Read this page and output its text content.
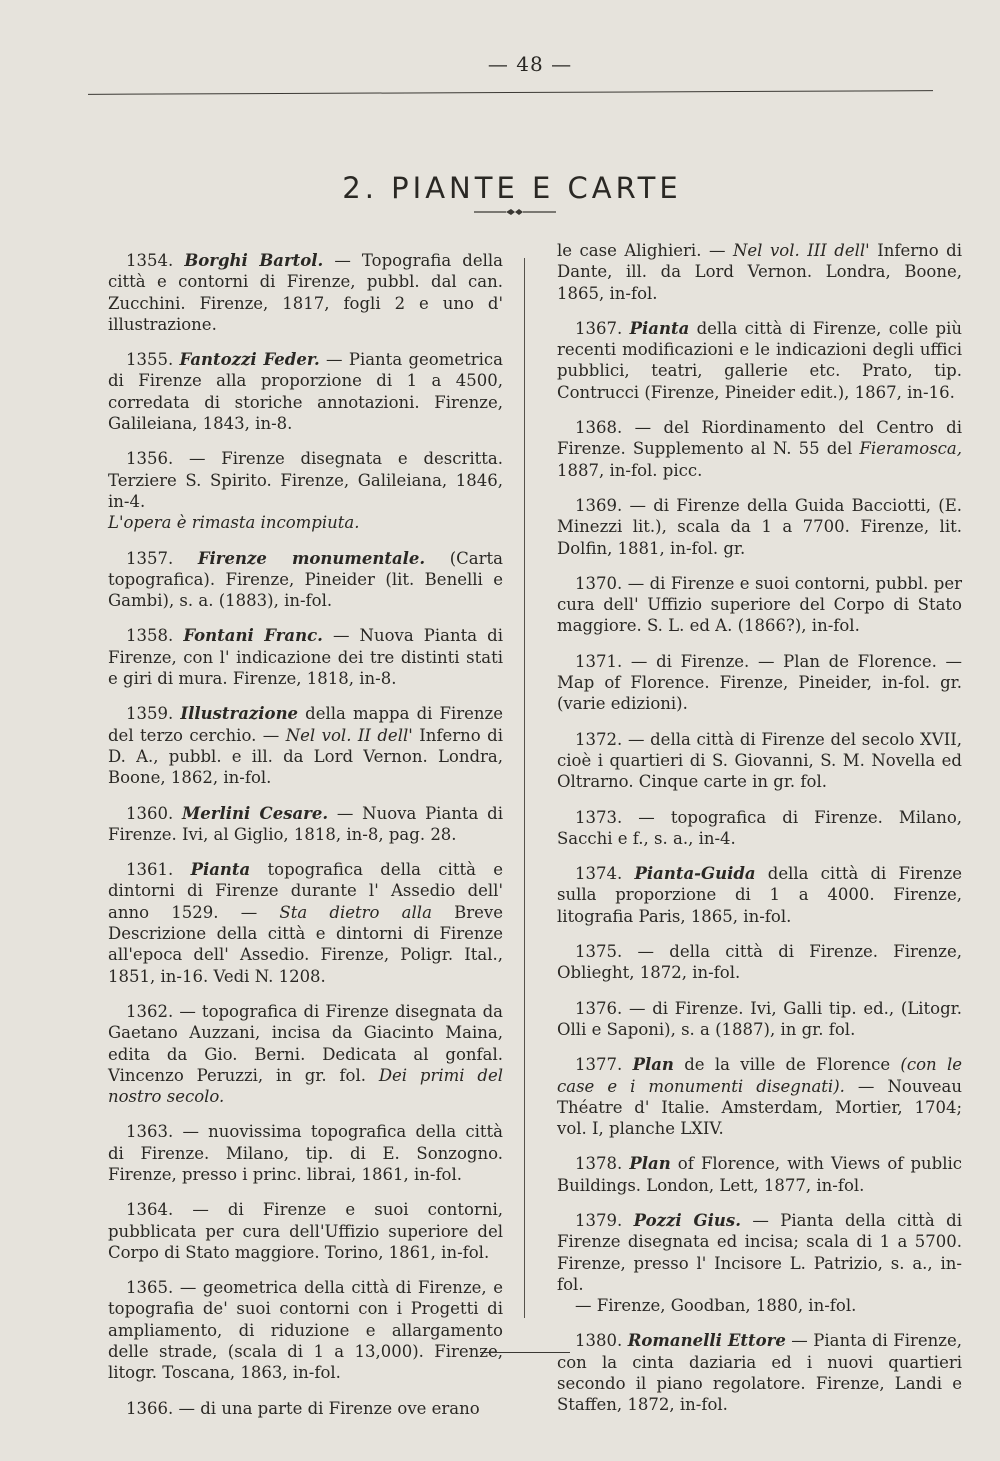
— 48 —
2. PIANTE E CARTE

1354. Borghi Bartol. — Topografia della città e contorni di Firenze, pubbl. dal can. Zucchini. Firenze, 1817, fogli 2 e uno d' illustrazione.

1355. Fantozzi Feder. — Pianta geometrica di Firenze alla proporzione di 1 a 4500, corredata di storiche annotazioni. Firenze, Galileiana, 1843, in-8.

1356. — Firenze disegnata e descritta. Terziere S. Spirito. Firenze, Galileiana, 1846, in-4.

L'opera è rimasta incompiuta.

1357. Firenze monumentale. (Carta topografica). Firenze, Pineider (lit. Benelli e Gambi), s. a. (1883), in-fol.

1358. Fontani Franc. — Nuova Pianta di Firenze, con l' indicazione dei tre distinti stati e giri di mura. Firenze, 1818, in-8.

1359. Illustrazione della mappa di Firenze del terzo cerchio. — Nel vol. II dell' Inferno di D. A., pubbl. e ill. da Lord Vernon. Londra, Boone, 1862, in-fol.

1360. Merlini Cesare. — Nuova Pianta di Firenze. Ivi, al Giglio, 1818, in-8, pag. 28.

1361. Pianta topografica della città e dintorni di Firenze durante l' Assedio dell' anno 1529. — Sta dietro alla Breve Descrizione della città e dintorni di Firenze all'epoca dell' Assedio. Firenze, Poligr. Ital., 1851, in-16. Vedi N. 1208.

1362. — topografica di Firenze disegnata da Gaetano Auzzani, incisa da Giacinto Maina, edita da Gio. Berni. Dedicata al gonfal. Vincenzo Peruzzi, in gr. fol. Dei primi del nostro secolo.

1363. — nuovissima topografica della città di Firenze. Milano, tip. di E. Sonzogno. Firenze, presso i princ. librai, 1861, in-fol.

1364. — di Firenze e suoi contorni, pubblicata per cura dell'Uffizio superiore del Corpo di Stato maggiore. Torino, 1861, in-fol.

1365. — geometrica della città di Firenze, e topografia de' suoi contorni con i Progetti di ampliamento, di riduzione e allargamento delle strade, (scala di 1 a 13,000). Firenze, litogr. Toscana, 1863, in-fol.

1366. — di una parte di Firenze ove erano

le case Alighieri. — Nel vol. III dell' Inferno di Dante, ill. da Lord Vernon. Londra, Boone, 1865, in-fol.

1367. Pianta della città di Firenze, colle più recenti modificazioni e le indicazioni degli uffici pubblici, teatri, gallerie etc. Prato, tip. Contrucci (Firenze, Pineider edit.), 1867, in-16.

1368. — del Riordinamento del Centro di Firenze. Supplemento al N. 55 del Fieramosca, 1887, in-fol. picc.

1369. — di Firenze della Guida Bacciotti, (E. Minezzi lit.), scala da 1 a 7700. Firenze, lit. Dolfin, 1881, in-fol. gr.

1370. — di Firenze e suoi contorni, pubbl. per cura dell' Uffizio superiore del Corpo di Stato maggiore. S. L. ed A. (1866?), in-fol.

1371. — di Firenze. — Plan de Florence. — Map of Florence. Firenze, Pineider, in-fol. gr. (varie edizioni).

1372. — della città di Firenze del secolo XVII, cioè i quartieri di S. Giovanni, S. M. Novella ed Oltrarno. Cinque carte in gr. fol.

1373. — topografica di Firenze. Milano, Sacchi e f., s. a., in-4.

1374. Pianta-Guida della città di Firenze sulla proporzione di 1 a 4000. Firenze, litografia Paris, 1865, in-fol.

1375. — della città di Firenze. Firenze, Oblieght, 1872, in-fol.

1376. — di Firenze. Ivi, Galli tip. ed., (Litogr. Olli e Saponi), s. a (1887), in gr. fol.

1377. Plan de la ville de Florence (con le case e i monumenti disegnati). — Nouveau Théatre d' Italie. Amsterdam, Mortier, 1704; vol. I, planche LXIV.

1378. Plan of Florence, with Views of public Buildings. London, Lett, 1877, in-fol.

1379. Pozzi Gius. — Pianta della città di Firenze disegnata ed incisa; scala di 1 a 5700. Firenze, presso l' Incisore L. Patrizio, s. a., in-fol.

— Firenze, Goodban, 1880, in-fol.

1380. Romanelli Ettore — Pianta di Firenze, con la cinta daziaria ed i nuovi quartieri secondo il piano regolatore. Firenze, Landi e Staffen, 1872, in-fol.
